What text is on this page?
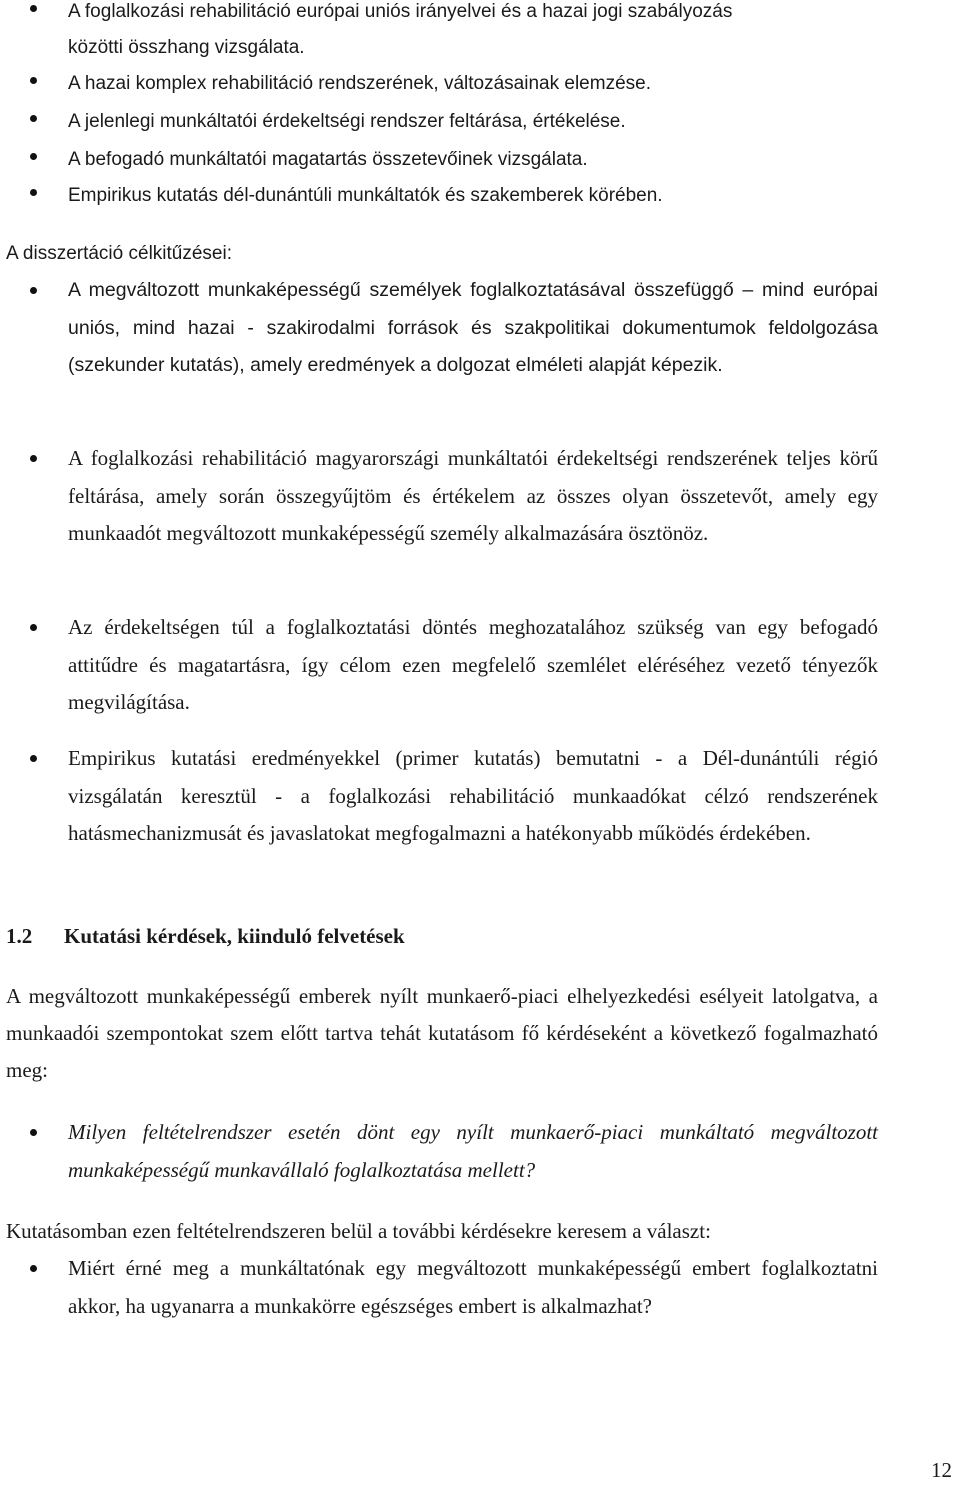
A foglalkozási rehabilitáció európai uniós irányelvei és a hazai jogi szabályozás
közötti összhang vizsgálata.
A hazai komplex rehabilitáció rendszerének, változásainak elemzése.
A jelenlegi munkáltatói érdekeltségi rendszer feltárása, értékelése.
A befogadó munkáltatói magatartás összetevőinek vizsgálata.
Empirikus kutatás dél-dunántúli munkáltatók és szakemberek körében.
A disszertáció célkitűzései:
A megváltozott munkaképességű személyek foglalkoztatásával összefüggő – mind európai uniós, mind hazai - szakirodalmi források és szakpolitikai dokumentumok feldolgozása (szekunder kutatás), amely eredmények a dolgozat elméleti alapját képezik.
A foglalkozási rehabilitáció magyarországi munkáltatói érdekeltségi rendszerének teljes körű feltárása, amely során összegyűjtöm és értékelem az összes olyan összetevőt, amely egy munkaadót megváltozott munkaképességű személy alkalmazására ösztönöz.
Az érdekeltségen túl a foglalkoztatási döntés meghozatalához szükség van egy befogadó attitűdre és magatartásra, így célom ezen megfelelő szemlélet eléréséhez vezető tényezők megvilágítása.
Empirikus kutatási eredményekkel (primer kutatás) bemutatni - a Dél-dunántúli régió vizsgálatán keresztül - a foglalkozási rehabilitáció munkaadókat célzó rendszerének hatásmechanizmusát és javaslatokat megfogalmazni a hatékonyabb működés érdekében.
1.2 Kutatási kérdések, kiinduló felvetések
A megváltozott munkaképességű emberek nyílt munkaerő-piaci elhelyezkedési esélyeit latolgatva, a munkaadói szempontokat szem előtt tartva tehát kutatásom fő kérdéseként a következő fogalmazható meg:
Milyen feltételrendszer esetén dönt egy nyílt munkaerő-piaci munkáltató megváltozott munkaképességű munkavállaló foglalkoztatása mellett?
Kutatásomban ezen feltételrendszeren belül a további kérdésekre keresem a választ:
Miért érné meg a munkáltatónak egy megváltozott munkaképességű embert foglalkoztatni akkor, ha ugyanarra a munkakörre egészséges embert is alkalmazhat?
12
